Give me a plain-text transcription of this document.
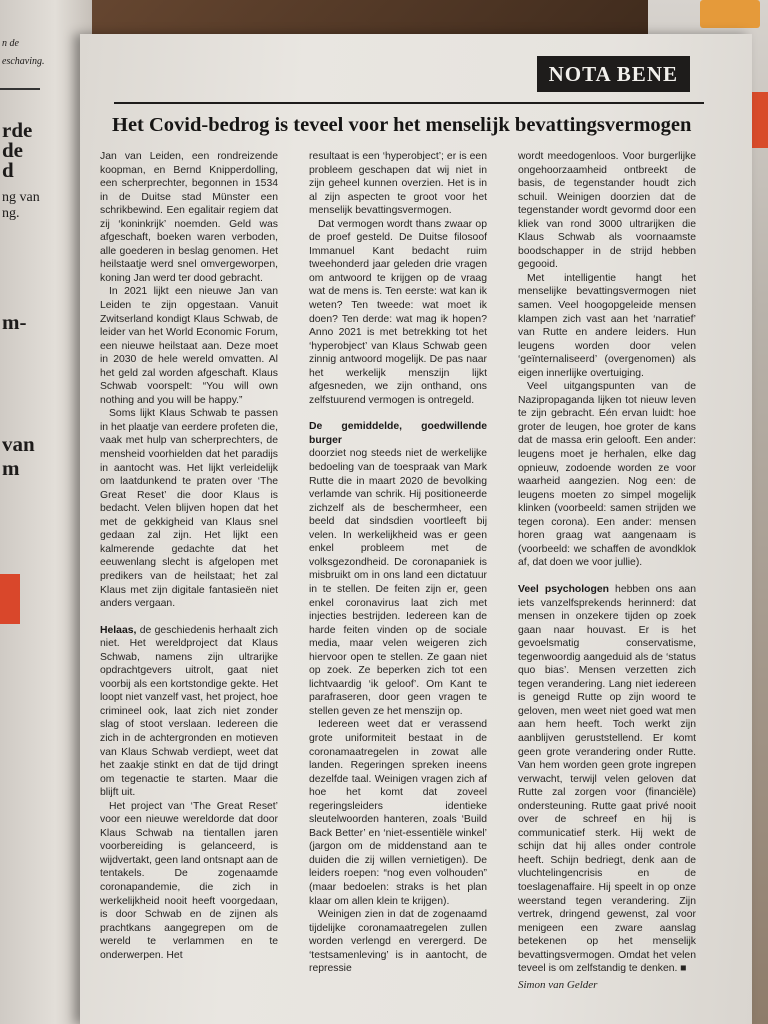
n de
eschaving.
rde
de
d
ng van
ng.
m-
van
m
NOTA BENE
Het Covid-bedrog is teveel voor het menselijk bevattingsvermogen

Jan van Leiden, een rondreizende koopman, en Bernd Knipperdolling, een scherprechter, begonnen in 1534 in de Duitse stad Münster een schrikbewind. Een egalitair regiem dat zij ‘koninkrijk’ noemden. Geld was afgeschaft, boeken waren verboden, alle goederen in beslag genomen. Het heilstaatje werd snel omvergeworpen, koning Jan werd ter dood gebracht.

In 2021 lijkt een nieuwe Jan van Leiden te zijn opgestaan. Vanuit Zwitserland kondigt Klaus Schwab, de leider van het World Economic Forum, een nieuwe heilstaat aan. Deze moet in 2030 de hele wereld omvatten. Al het geld zal worden afgeschaft. Klaus Schwab voorspelt: “You will own nothing and you will be happy.”

Soms lijkt Klaus Schwab te passen in het plaatje van eerdere profeten die, vaak met hulp van scherprechters, de mensheid voorhielden dat het paradijs in aantocht was. Het lijkt verleidelijk om laatdunkend te praten over ‘The Great Reset’ die door Klaus is bedacht. Velen blijven hopen dat het met de gekkigheid van Klaus snel gedaan zal zijn. Het lijkt een kalmerende gedachte dat het eeuwenlang slecht is afgelopen met predikers van de heilstaat; het zal Klaus met zijn digitale fantasieën niet anders vergaan.

Helaas, de geschiedenis herhaalt zich niet. Het wereldproject dat Klaus Schwab, namens zijn ultrarijke opdrachtgevers uitrolt, gaat niet voorbij als een kortstondige gekte. Het loopt niet vanzelf vast, het project, hoe crimineel ook, laat zich niet zonder slag of stoot verslaan. Iedereen die zich in de achtergronden en motieven van Klaus Schwab verdiept, weet dat het zaakje stinkt en dat de tijd dringt om tegenactie te starten. Maar die blijft uit.

Het project van ‘The Great Reset’ voor een nieuwe wereldorde dat door Klaus Schwab na tientallen jaren voorbereiding is gelanceerd, is wijdvertakt, geen land ontsnapt aan de tentakels. De zogenaamde coronapandemie, die zich in werkelijkheid nooit heeft voorgedaan, is door Schwab en de zijnen als prachtkans aangegrepen om de wereld te verlammen en te onderwerpen. Het

resultaat is een ‘hyperobject’; er is een probleem geschapen dat wij niet in zijn geheel kunnen overzien. Het is in al zijn aspecten te groot voor het menselijk bevattingsvermogen.

Dat vermogen wordt thans zwaar op de proef gesteld. De Duitse filosoof Immanuel Kant bedacht ruim tweehonderd jaar geleden drie vragen om antwoord te krijgen op de vraag wat de mens is. Ten eerste: wat kan ik weten? Ten tweede: wat moet ik doen? Ten derde: wat mag ik hopen? Anno 2021 is met betrekking tot het ‘hyperobject’ van Klaus Schwab geen zinnig antwoord mogelijk. De pas naar het werkelijk menszijn lijkt afgesneden, we zijn onthand, ons zelfstuurend vermogen is ontregeld.

De gemiddelde, goedwillende burger

doorziet nog steeds niet de werkelijke bedoeling van de toespraak van Mark Rutte die in maart 2020 de bevolking verlamde van schrik. Hij positioneerde zichzelf als de beschermheer, een beeld dat sindsdien voortleeft bij velen. In werkelijkheid was er geen enkel probleem met de volksgezondheid. De coronapaniek is misbruikt om in ons land een dictatuur in te stellen. De feiten zijn er, geen enkel coronavirus laat zich met injecties bestrijden. Iedereen kan de harde feiten vinden op de sociale media, maar velen weigeren zich hiervoor open te stellen. Ze gaan niet op zoek. Ze beperken zich tot een lichtvaardig ‘ik geloof’. Om Kant te parafraseren, door geen vragen te stellen geven ze het menszijn op.

Iedereen weet dat er verassend grote uniformiteit bestaat in de coronamaatregelen in zowat alle landen. Regeringen spreken ineens dezelfde taal. Weinigen vragen zich af hoe het komt dat zoveel regeringsleiders identieke sleutelwoorden hanteren, zoals ‘Build Back Better’ en ‘niet-essentiële winkel’ (jargon om de middenstand aan te duiden die zij willen vernietigen). De leiders roepen: “nog even volhouden” (maar bedoelen: straks is het plan klaar om allen klein te krijgen).

Weinigen zien in dat de zogenaamd tijdelijke coronamaatregelen zullen worden verlengd en verergerd. De ‘testsamenleving’ is in aantocht, de repressie

wordt meedogenloos. Voor burgerlijke ongehoorzaamheid ontbreekt de basis, de tegenstander houdt zich schuil. Weinigen doorzien dat de tegenstander wordt gevormd door een kliek van rond 3000 ultrarijken die Klaus Schwab als voornaamste boodschapper in de strijd hebben gegooid.

Met intelligentie hangt het menselijke bevattingsvermogen niet samen. Veel hoogopgeleide mensen klampen zich vast aan het ‘narratief’ van Rutte en andere leiders. Hun leugens worden door velen ‘geïnternaliseerd’ (overgenomen) als eigen innerlijke overtuiging.

Veel uitgangspunten van de Nazipropaganda lijken tot nieuw leven te zijn gebracht. Eén ervan luidt: hoe groter de leugen, hoe groter de kans dat de massa erin gelooft. Een ander: leugens moet je herhalen, elke dag opnieuw, zodoende worden ze voor waarheid aangezien. Nog een: de leugens moeten zo simpel mogelijk klinken (voorbeeld: samen strijden we tegen corona). Een ander: mensen horen graag wat aangenaam is (voorbeeld: we schaffen de avondklok af, dat doen we voor jullie).

Veel psychologen hebben ons aan iets vanzelfsprekends herinnerd: dat mensen in onzekere tijden op zoek gaan naar houvast. Er is het gevoelsmatig conservatisme, tegenwoordig aangeduid als de ‘status quo bias’. Mensen verzetten zich tegen verandering. Lang niet iedereen is geneigd Rutte op zijn woord te geloven, men weet niet goed wat men aan hem heeft. Toch werkt zijn aanblijven geruststellend. Er komt geen grote verandering onder Rutte. Van hem worden geen grote ingrepen verwacht, terwijl velen geloven dat Rutte zal zorgen voor (financiële) ondersteuning. Rutte gaat privé nooit over de schreef en hij is communicatief sterk. Hij wekt de schijn dat hij alles onder controle heeft. Schijn bedriegt, denk aan de vluchtelingencrisis en de toeslagenaffaire. Hij speelt in op onze weerstand tegen verandering. Zijn vertrek, dringend gewenst, zal voor menigeen een zware aanslag betekenen op het menselijk bevattingsvermogen. Omdat het velen teveel is om zelfstandig te denken. ■

Simon van Gelder
